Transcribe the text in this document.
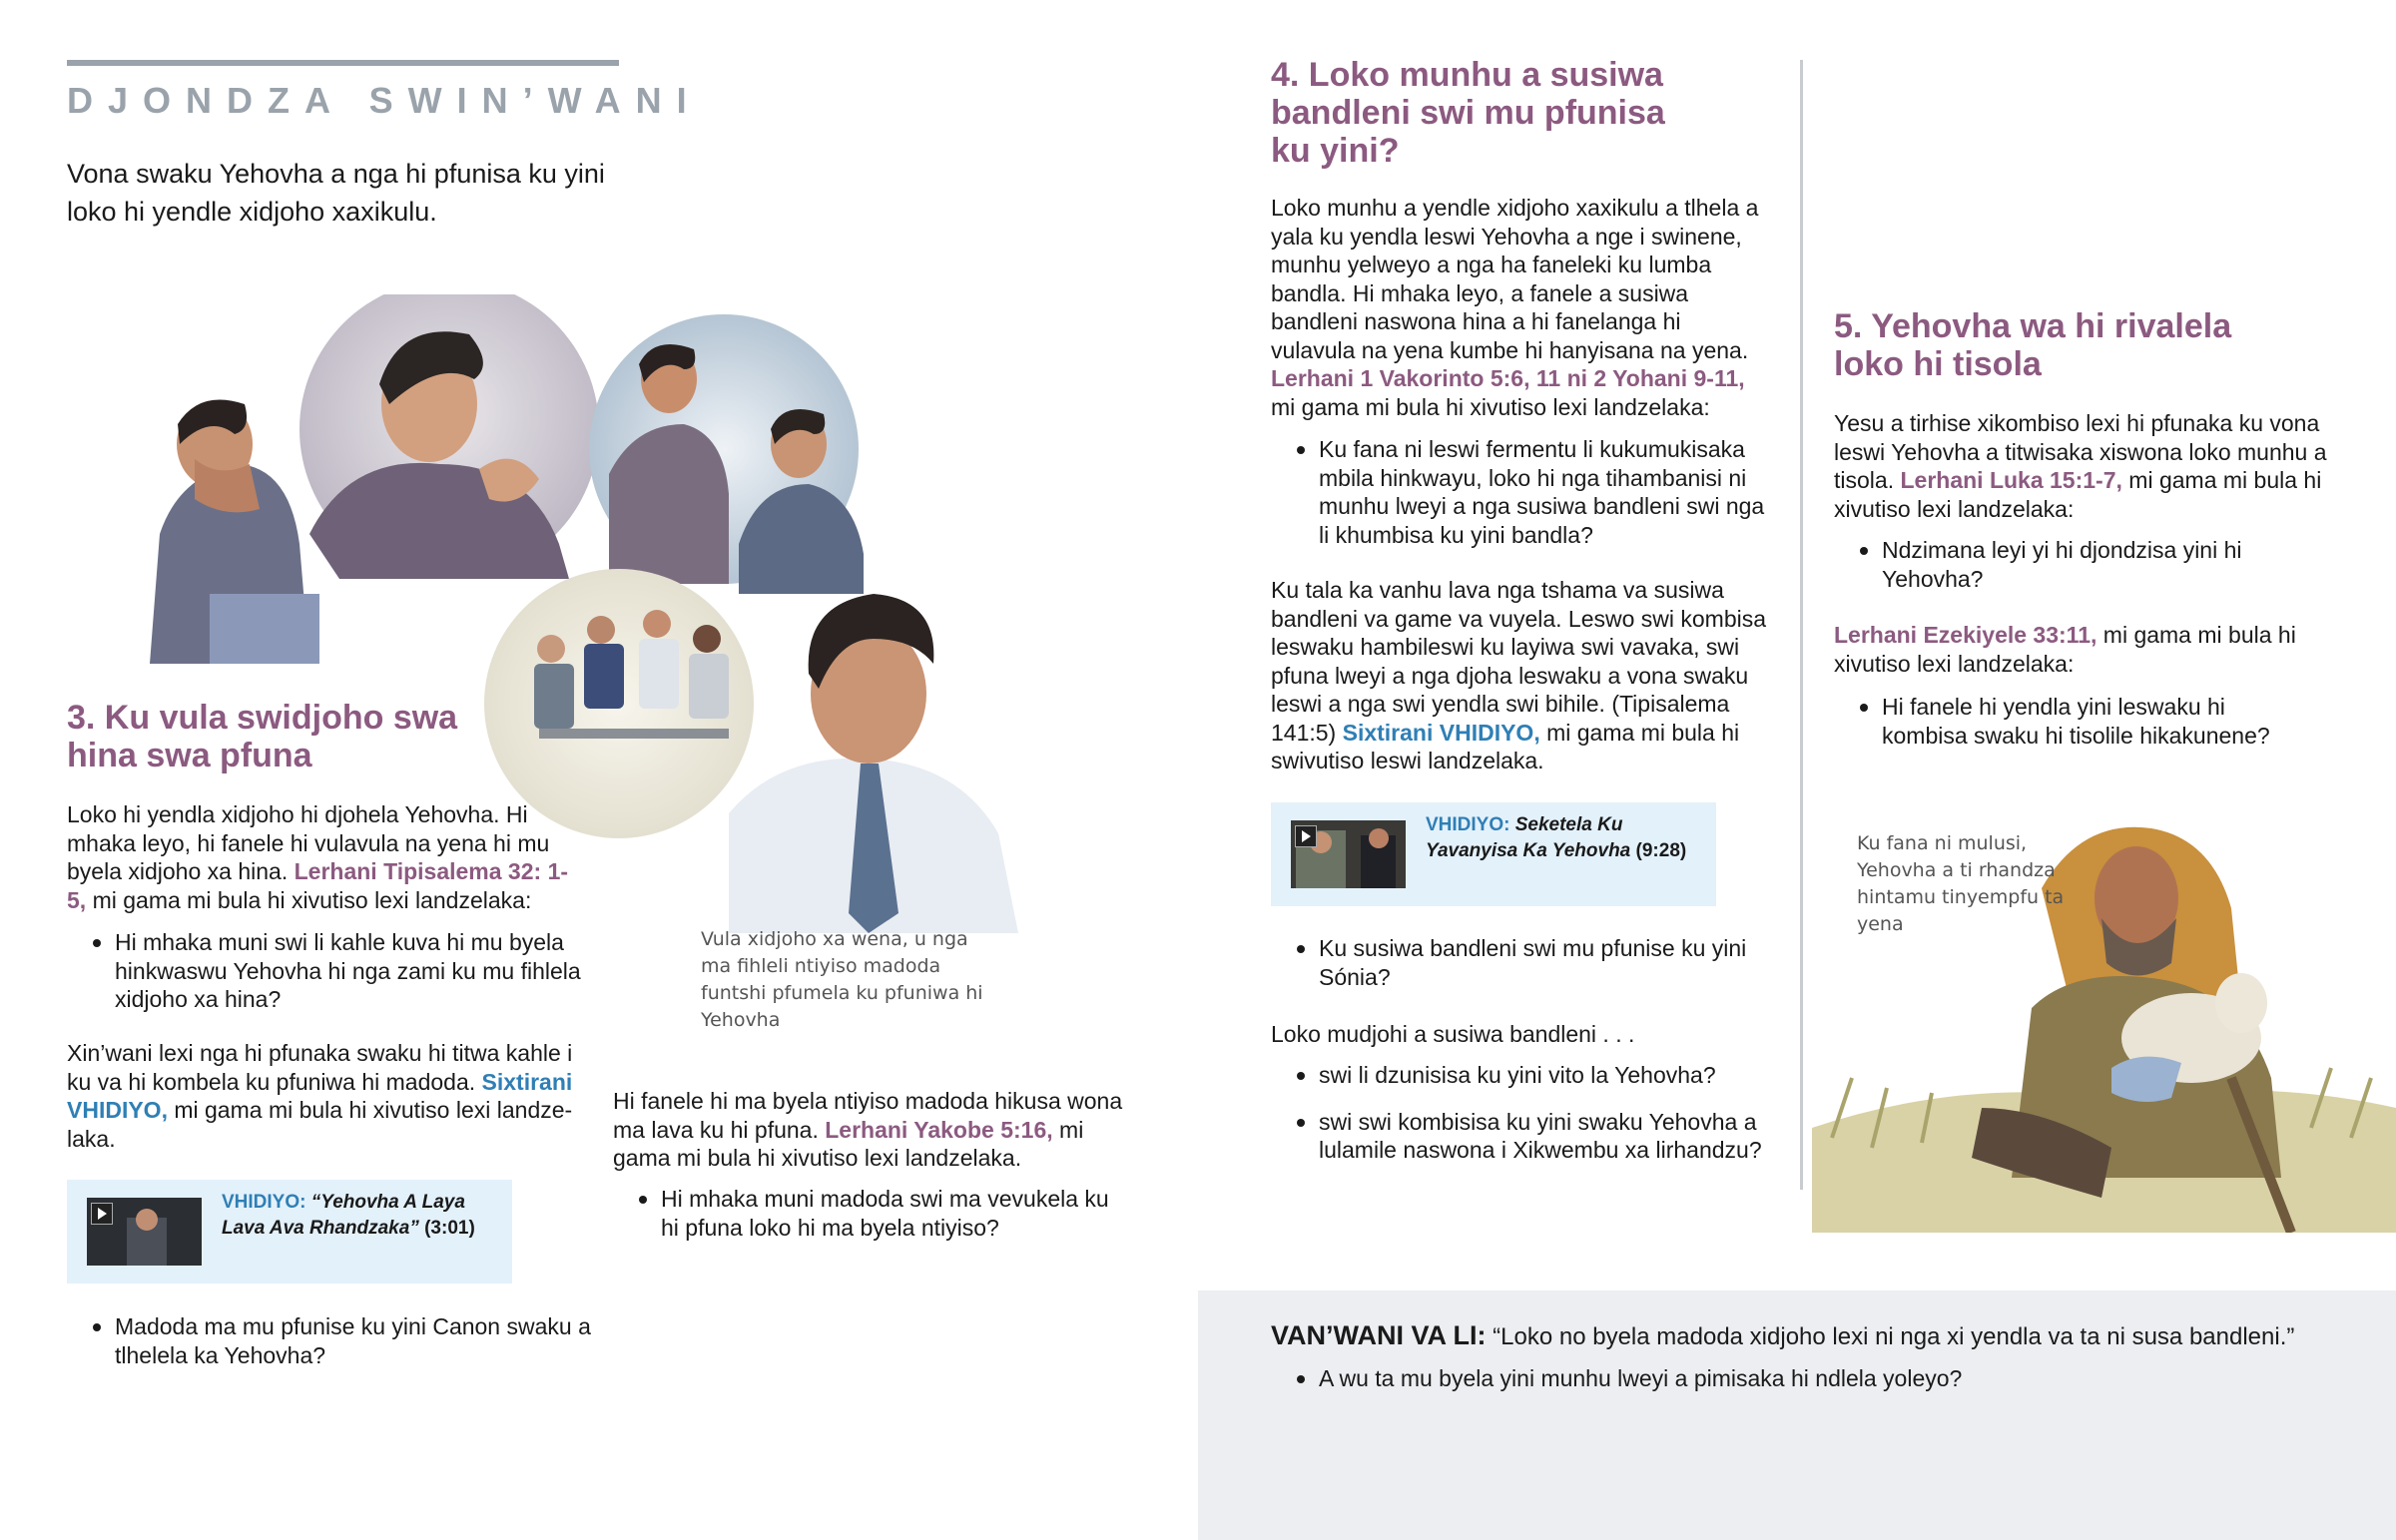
DJONDZA SWIN’WANI
Vona swaku Yehovha a nga hi pfunisa ku yini loko hi yendle xidjoho xaxikulu.
3. Ku vula swidjoho swa hina swa pfuna
Loko hi yendla xidjoho hi djohela Yehovha. Hi mhaka leyo, hi fanele hi vulavula na yena hi mu byela xidjoho xa hina. Lerhani Tipisalema 32: 1-5, mi gama mi bula hi xivutiso lexi landzelaka:
Hi mhaka muni swi li kahle kuva hi mu byela hinkwaswu Yehovha hi nga zami ku mu fihlela xidjoho xa hina?
Xin’wani lexi nga hi pfunaka swaku hi titwa kahle i ku va hi kombela ku pfuniwa hi madoda. Sixtirani VHIDIYO, mi gama mi bula hi xivutiso lexi landze- laka.
VHIDIYO: “Yehovha A Laya Lava Ava Rhandzaka” (3:01)
Madoda ma mu pfunise ku yini Canon swaku a tlhelela ka Yehovha?
Vula xidjoho xa wena, u nga ma fihleli ntiyiso madoda funtshi pfumela ku pfuniwa hi Yehovha
Hi fanele hi ma byela ntiyiso madoda hikusa wona ma lava ku hi pfuna. Lerhani Yakobe 5:16, mi gama mi bula hi xivutiso lexi landzelaka.
Hi mhaka muni madoda swi ma vevukela ku hi pfuna loko hi ma byela ntiyiso?
4. Loko munhu a susiwa bandleni swi mu pfunisa ku yini?
Loko munhu a yendle xidjoho xaxikulu a tlhela a yala ku yendla leswi Yehovha a nge i swinene, munhu yelweyo a nga ha faneleki ku lumba bandla. Hi mhaka leyo, a fanele a susiwa bandleni naswona hina a hi fanelanga hi vulavula na yena kumbe hi hanyisana na yena. Lerhani 1 Vakorinto 5:6, 11 ni 2 Yohani 9-11, mi gama mi bula hi xivutiso lexi landzelaka:
Ku fana ni leswi fermentu li kukumukisaka mbila hinkwayu, loko hi nga tihambanisi ni munhu lweyi a nga susiwa bandleni swi nga li khumbisa ku yini bandla?
Ku tala ka vanhu lava nga tshama va susiwa bandleni va game va vuyela. Leswo swi kombisa leswaku hambileswi ku layiwa swi vavaka, swi pfuna lweyi a nga djoha leswaku a vona swaku leswi a nga swi yendla swi bihile. (Tipisalema 141:5) Sixtirani VHIDIYO, mi gama mi bula hi swivutiso leswi landzelaka.
VHIDIYO: Seketela Ku Yavanyisa Ka Yehovha (9:28)
Ku susiwa bandleni swi mu pfunise ku yini Sónia?
Loko mudjohi a susiwa bandleni . . .
swi li dzunisisa ku yini vito la Yehovha?
swi swi kombisisa ku yini swaku Yehovha a lulamile naswona i Xikwembu xa lirhandzu?
5. Yehovha wa hi rivalela loko hi tisola
Yesu a tirhise xikombiso lexi hi pfunaka ku vona leswi Yehovha a titwisaka xiswona loko munhu a tisola. Lerhani Luka 15:1-7, mi gama mi bula hi xivutiso lexi landzelaka:
Ndzimana leyi yi hi djondzisa yini hi Yehovha?
Lerhani Ezekiyele 33:11, mi gama mi bula hi xivutiso lexi landzelaka:
Hi fanele hi yendla yini leswaku hi kombisa swaku hi tisolile hikakunene?
Ku fana ni mulusi, Yehovha a ti rhandza hintamu tinyempfu ta yena
VAN’WANI VA LI: “Loko no byela madoda xidjoho lexi ni nga xi yendla va ta ni susa bandleni.”
A wu ta mu byela yini munhu lweyi a pimisaka hi ndlela yoleyo?
